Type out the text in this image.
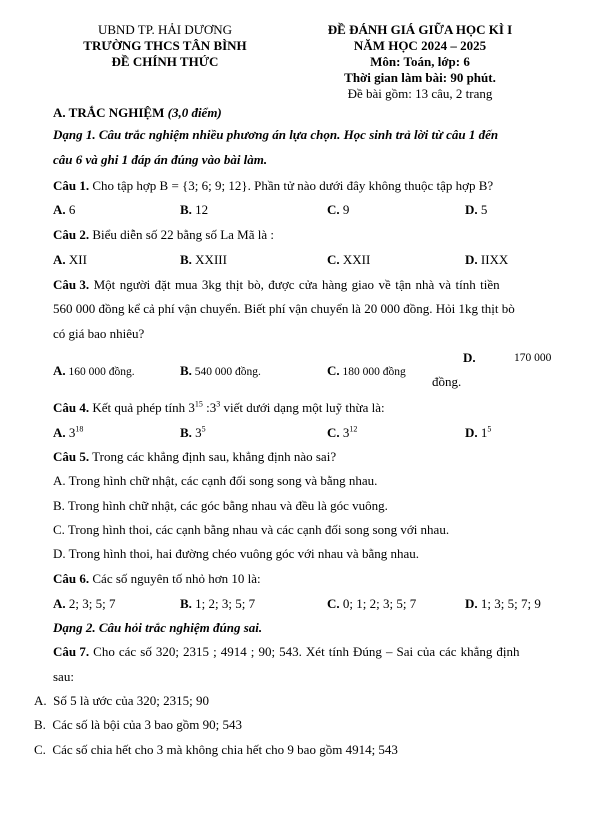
UBND TP. HẢI DƯƠNG
TRƯỜNG THCS TÂN BÌNH
ĐỀ CHÍNH THỨC
ĐỀ ĐÁNH GIÁ GIỮA HỌC KÌ I
NĂM HỌC 2024 – 2025
Môn: Toán, lớp: 6
Thời gian làm bài: 90 phút.
Đề bài gồm: 13 câu, 2 trang
A. TRẮC NGHIỆM (3,0 điểm)
Dạng 1. Câu trắc nghiệm nhiều phương án lựa chọn. Học sinh trả lời từ câu 1 đến
câu 6 và ghi 1 đáp án đúng vào bài làm.
Câu 1. Cho tập hợp B = {3; 6; 9; 12}. Phần tử nào dưới đây không thuộc tập hợp B?
A. 6	B. 12	C. 9	D. 5
Câu 2. Biểu diễn số 22 bằng số La Mã là :
A. XII	B. XXIII	C. XXII	D. IIXX
Câu 3. Một người đặt mua 3kg thịt bò, được cửa hàng giao về tận nhà và tính tiền
560 000 đồng kể cả phí vận chuyển. Biết phí vận chuyển là 20 000 đồng. Hỏi 1kg thịt bò
có giá bao nhiêu?
A. 160 000 đồng.	B. 540 000 đồng.	C. 180 000 đồng
D.	170 000
đồng.
Câu 4. Kết quả phép tính $3^{15}$ $:3^3$ viết dưới dạng một luỹ thừa là:
A. $3^{18}$	B. $3^5$	C. $3^{12}$	D. $1^5$
Câu 5. Trong các khẳng định sau, khẳng định nào sai?
A. Trong hình chữ nhật, các cạnh đối song song và bằng nhau.
B. Trong hình chữ nhật, các góc bằng nhau và đều là góc vuông.
C. Trong hình thoi, các cạnh bằng nhau và các cạnh đối song song với nhau.
D. Trong hình thoi, hai đường chéo vuông góc với nhau và bằng nhau.
Câu 6. Các số nguyên tố nhỏ hơn 10 là:
A. 2; 3; 5; 7	B. 1; 2; 3; 5; 7	C. 0; 1; 2; 3; 5; 7	D. 1; 3; 5; 7; 9
Dạng 2. Câu hỏi trắc nghiệm đúng sai.
Câu 7. Cho các số 320; 2315 ; 4914 ; 90; 543. Xét tính Đúng – Sai của các khẳng định
sau:
A. Số 5 là ước của 320; 2315; 90
B. Các số là bội của 3 bao gồm 90; 543
C. Các số chia hết cho 3 mà không chia hết cho 9 bao gồm 4914; 543
